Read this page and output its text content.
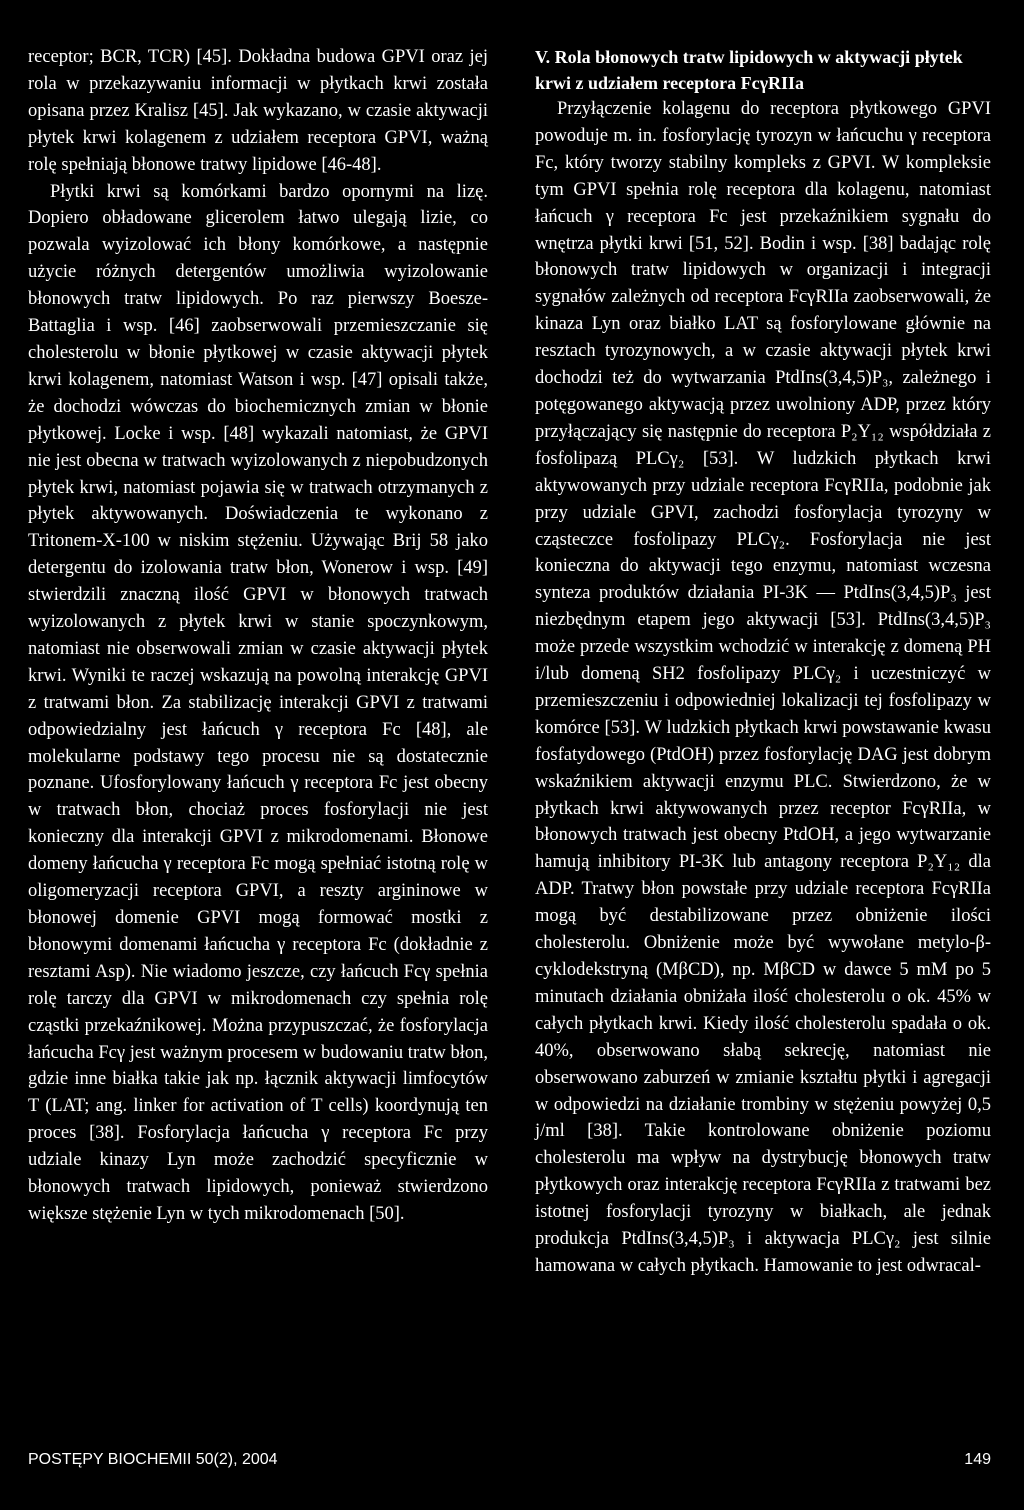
receptor; BCR, TCR) [45]. Dokładna budowa GPVI oraz jej rola w przekazywaniu informacji w płytkach krwi została opisana przez Kralisz [45]. Jak wykazano, w czasie aktywacji płytek krwi kolagenem z udziałem receptora GPVI, ważną rolę spełniają błonowe tratwy lipidowe [46-48].

Płytki krwi są komórkami bardzo opornymi na lizę. Dopiero obładowane glicerolem łatwo ulegają lizie, co pozwala wyizolować ich błony komórkowe, a następnie użycie różnych detergentów umożliwia wyizolowanie błonowych tratw lipidowych. Po raz pierwszy Boesze-Battaglia i wsp. [46] zaobserwowali przemieszczanie się cholesterolu w błonie płytkowej w czasie aktywacji płytek krwi kolagenem, natomiast Watson i wsp. [47] opisali także, że dochodzi wówczas do biochemicznych zmian w błonie płytkowej. Locke i wsp. [48] wykazali natomiast, że GPVI nie jest obecna w tratwach wyizolowanych z niepobudzonych płytek krwi, natomiast pojawia się w tratwach otrzymanych z płytek aktywowanych. Doświadczenia te wykonano z Tritonem-X-100 w niskim stężeniu. Używając Brij 58 jako detergentu do izolowania tratw błon, Wonerow i wsp. [49] stwierdzili znaczną ilość GPVI w błonowych tratwach wyizolowanych z płytek krwi w stanie spoczynkowym, natomiast nie obserwowali zmian w czasie aktywacji płytek krwi. Wyniki te raczej wskazują na powolną interakcję GPVI z tratwami błon. Za stabilizację interakcji GPVI z tratwami odpowiedzialny jest łańcuch γ receptora Fc [48], ale molekularne podstawy tego procesu nie są dostatecznie poznane. Ufosforylowany łańcuch γ receptora Fc jest obecny w tratwach błon, chociaż proces fosforylacji nie jest konieczny dla interakcji GPVI z mikrodomenami. Błonowe domeny łańcucha γ receptora Fc mogą spełniać istotną rolę w oligomeryzacji receptora GPVI, a reszty argininowe w błonowej domenie GPVI mogą formować mostki z błonowymi domenami łańcucha γ receptora Fc (dokładnie z resztami Asp). Nie wiadomo jeszcze, czy łańcuch Fcγ spełnia rolę tarczy dla GPVI w mikrodomenach czy spełnia rolę cząstki przekaźnikowej. Można przypuszczać, że fosforylacja łańcucha Fcγ jest ważnym procesem w budowaniu tratw błon, gdzie inne białka takie jak np. łącznik aktywacji limfocytów T (LAT; ang. linker for activation of T cells) koordynują ten proces [38]. Fosforylacja łańcucha γ receptora Fc przy udziale kinazy Lyn może zachodzić specyficznie w błonowych tratwach lipidowych, ponieważ stwierdzono większe stężenie Lyn w tych mikrodomenach [50].

V. Rola błonowych tratw lipidowych w aktywacji płytek krwi z udziałem receptora FcγRIIa

Przyłączenie kolagenu do receptora płytkowego GPVI powoduje m. in. fosforylację tyrozyn w łańcuchu γ receptora Fc, który tworzy stabilny kompleks z GPVI. W kompleksie tym GPVI spełnia rolę receptora dla kolagenu, natomiast łańcuch γ receptora Fc jest przekaźnikiem sygnału do wnętrza płytki krwi [51, 52]. Bodin i wsp. [38] badając rolę błonowych tratw lipidowych w organizacji i integracji sygnałów zależnych od receptora FcγRIIa zaobserwowali, że kinaza Lyn oraz białko LAT są fosforylowane głównie na resztach tyrozynowych, a w czasie aktywacji płytek krwi dochodzi też do wytwarzania PtdIns(3,4,5)P₃, zależnego i potęgowanego aktywacją przez uwolniony ADP, przez który przyłączający się następnie do receptora P₂Y₁₂ współdziała z fosfolipazą PLCγ₂ [53]. W ludzkich płytkach krwi aktywowanych przy udziale receptora FcγRIIa, podobnie jak przy udziale GPVI, zachodzi fosforylacja tyrozyny w cząsteczce fosfolipazy PLCγ₂. Fosforylacja nie jest konieczna do aktywacji tego enzymu, natomiast wczesna synteza produktów działania PI-3K — PtdIns(3,4,5)P₃ jest niezbędnym etapem jego aktywacji [53]. PtdIns(3,4,5)P₃ może przede wszystkim wchodzić w interakcję z domeną PH i/lub domeną SH2 fosfolipazy PLCγ₂ i uczestniczyć w przemieszczeniu i odpowiedniej lokalizacji tej fosfolipazy w komórce [53]. W ludzkich płytkach krwi powstawanie kwasu fosfatydowego (PtdOH) przez fosforylację DAG jest dobrym wskaźnikiem aktywacji enzymu PLC. Stwierdzono, że w płytkach krwi aktywowanych przez receptor FcγRIIa, w błonowych tratwach jest obecny PtdOH, a jego wytwarzanie hamują inhibitory PI-3K lub antagony receptora P₂Y₁₂ dla ADP. Tratwy błon powstałe przy udziale receptora FcγRIIa mogą być destabilizowane przez obniżenie ilości cholesterolu. Obniżenie może być wywołane metylo-β-cyklodekstryną (MβCD), np. MβCD w dawce 5 mM po 5 minutach działania obniżała ilość cholesterolu o ok. 45% w całych płytkach krwi. Kiedy ilość cholesterolu spadała o ok. 40%, obserwowano słabą sekrecję, natomiast nie obserwowano zaburzeń w zmianie kształtu płytki i agregacji w odpowiedzi na działanie trombiny w stężeniu powyżej 0,5 j/ml [38]. Takie kontrolowane obniżenie poziomu cholesterolu ma wpływ na dystrybucję błonowych tratw płytkowych oraz interakcję receptora FcγRIIa z tratwami bez istotnej fosforylacji tyrozyny w białkach, ale jednak produkcja PtdIns(3,4,5)P₃ i aktywacja PLCγ₂ jest silnie hamowana w całych płytkach. Hamowanie to jest odwracal-

POSTĘPY BIOCHEMII 50(2), 2004	149
